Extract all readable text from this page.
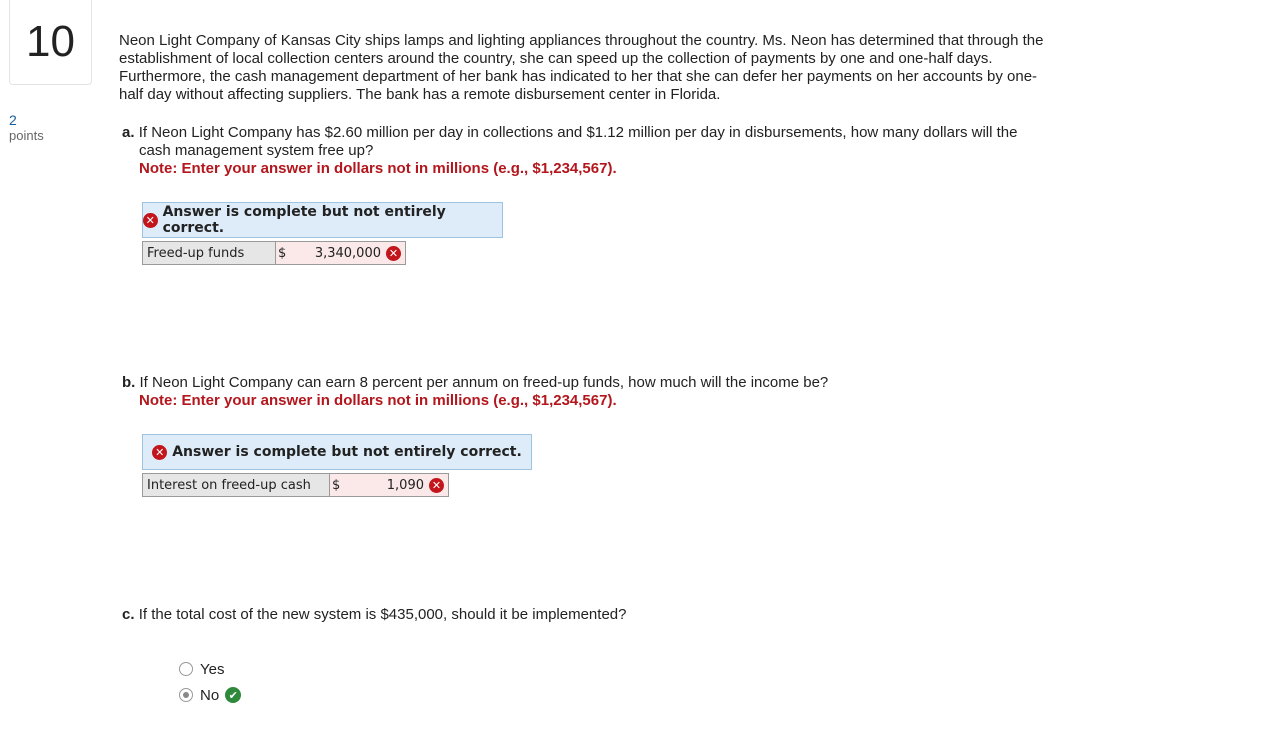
10
2
points

Neon Light Company of Kansas City ships lamps and lighting appliances throughout the country. Ms. Neon has determined that through the establishment of local collection centers around the country, she can speed up the collection of payments by one and one-half days. Furthermore, the cash management department of her bank has indicated to her that she can defer her payments on her accounts by one-half day without affecting suppliers. The bank has a remote disbursement center in Florida.

a. If Neon Light Company has $2.60 million per day in collections and $1.12 million per day in disbursements, how many dollars will the
cash management system free up?

Note: Enter your answer in dollars not in millions (e.g., $1,234,567).
✕ Answer is complete but not entirely correct.
Freed-up funds	$ 3,340,000 ✕

b. If Neon Light Company can earn 8 percent per annum on freed-up funds, how much will the income be?

Note: Enter your answer in dollars not in millions (e.g., $1,234,567).
✕ Answer is complete but not entirely correct.
Interest on freed-up cash	$	1,090 ✕

c. If the total cost of the new system is $435,000, should it be implemented?

Yes
No ✔
